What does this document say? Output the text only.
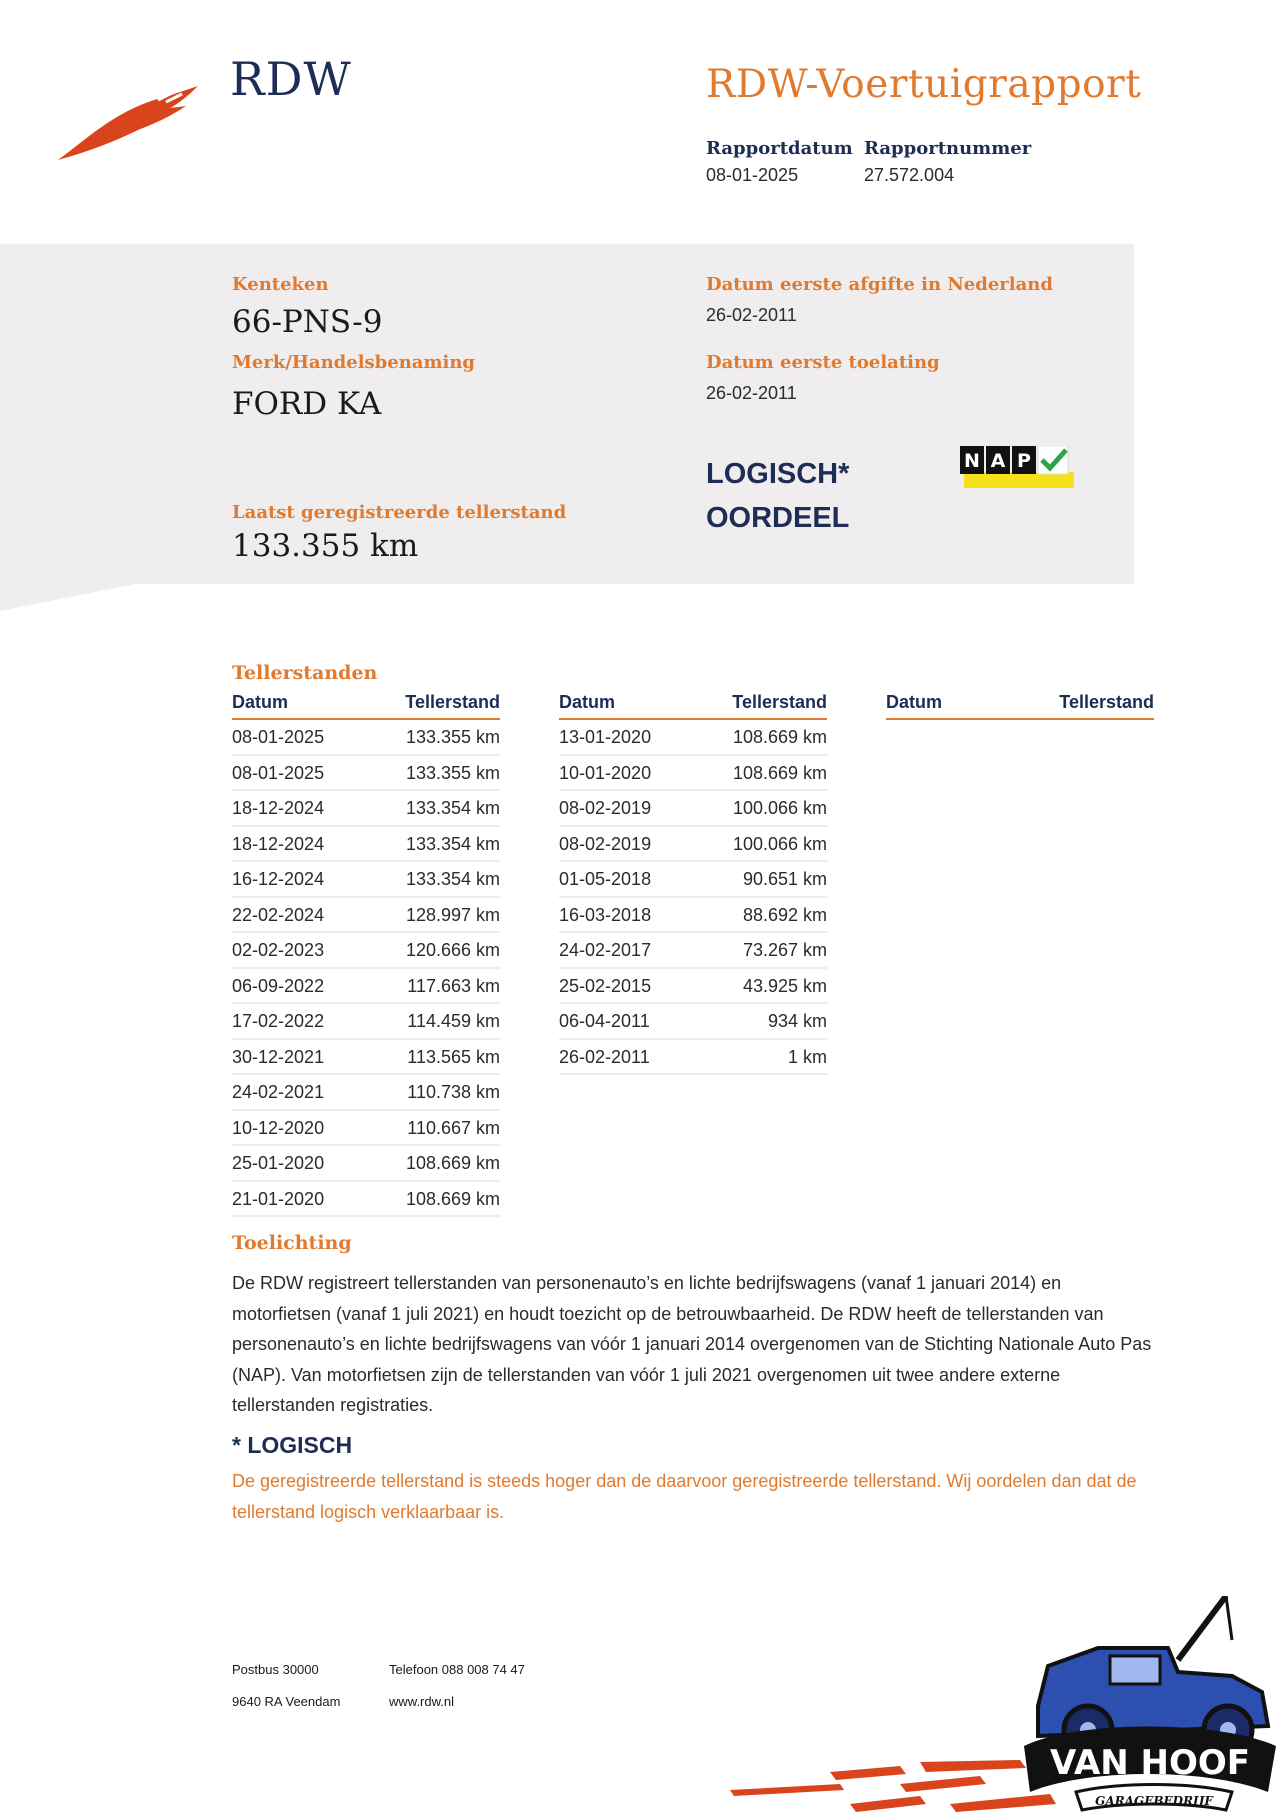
RDW	RDW-Voertuigrapport
Rapportdatum
08-01-2025
Rapportnummer
27.572.004
Kenteken
66-PNS-9
Merk/Handelsbenaming
FORD KA
Laatst geregistreerde tellerstand
133.355 km
Datum eerste afgifte in Nederland
26-02-2011
Datum eerste toelating
26-02-2011
LOGISCH*
OORDEEL
N A P
Tellerstanden
Datum	Tellerstand
08-01-2025	133.355 km
08-01-2025	133.355 km
18-12-2024	133.354 km
18-12-2024	133.354 km
16-12-2024	133.354 km
22-02-2024	128.997 km
02-02-2023	120.666 km
06-09-2022	117.663 km
17-02-2022	114.459 km
30-12-2021	113.565 km
24-02-2021	110.738 km
10-12-2020	110.667 km
25-01-2020	108.669 km
21-01-2020	108.669 km
Datum	Tellerstand
13-01-2020	108.669 km
10-01-2020	108.669 km
08-02-2019	100.066 km
08-02-2019	100.066 km
01-05-2018	90.651 km
16-03-2018	88.692 km
24-02-2017	73.267 km
25-02-2015	43.925 km
06-04-2011	934 km
26-02-2011	1 km
Datum	Tellerstand
Toelichting
De RDW registreert tellerstanden van personenauto’s en lichte bedrijfswagens (vanaf 1 januari 2014) en motorfietsen (vanaf 1 juli 2021) en houdt toezicht op de betrouwbaarheid. De RDW heeft de tellerstanden van personenauto’s en lichte bedrijfswagens van vóór 1 januari 2014 overgenomen van de Stichting Nationale Auto Pas (NAP). Van motorfietsen zijn de tellerstanden van vóór 1 juli 2021 overgenomen uit twee andere externe tellerstanden registraties.
* LOGISCH
De geregistreerde tellerstand is steeds hoger dan de daarvoor geregistreerde tellerstand. Wij oordelen dan dat de tellerstand logisch verklaarbaar is.
Postbus 30000
9640 RA Veendam
Telefoon 088 008 74 47
www.rdw.nl
VAN HOOF
GARAGEBEDRIJF
